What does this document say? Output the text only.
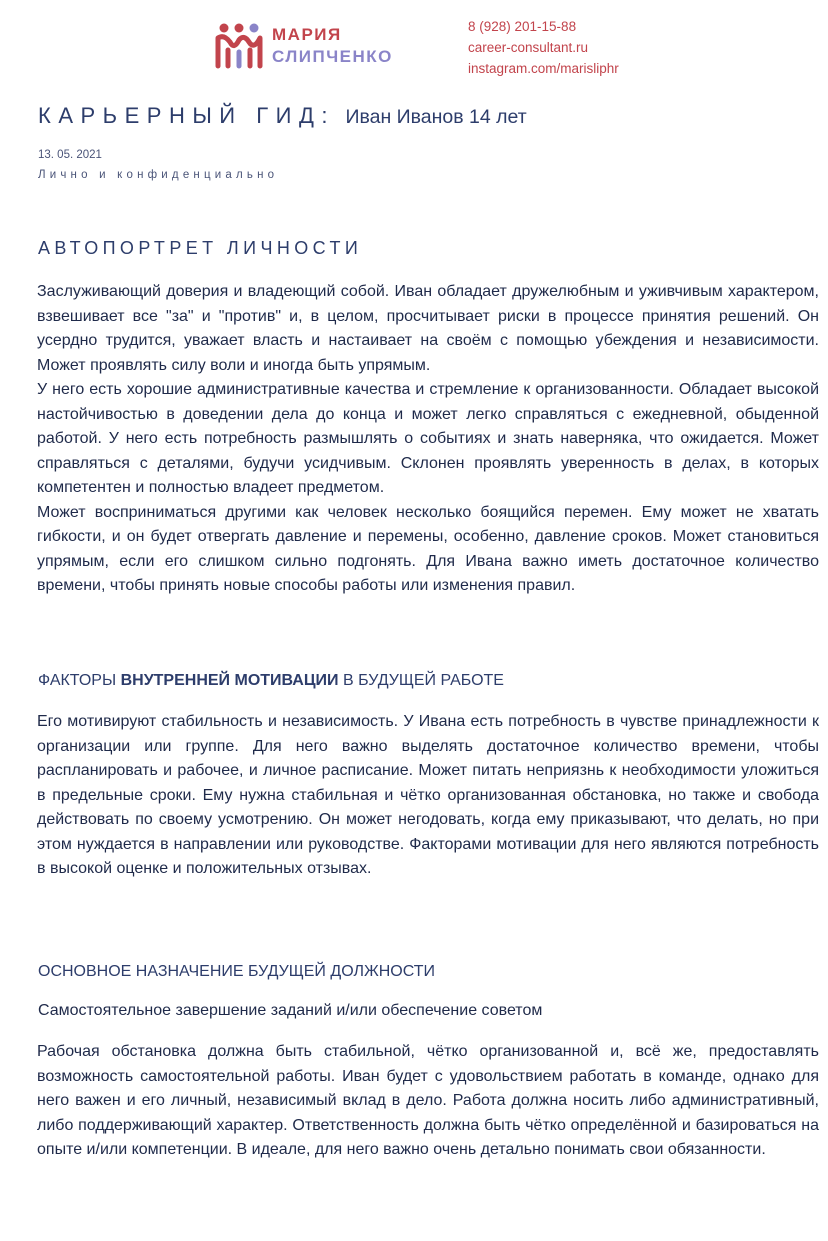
МАРИЯ
СЛИПЧЕНКО
8 (928) 201-15-88
career-consultant.ru
instagram.com/marisliphr
КАРЬЕРНЫЙ ГИД: Иван Иванов 14 лет
13. 05. 2021
Лично и конфиденциально
АВТОПОРТРЕТ ЛИЧНОСТИ

Заслуживающий доверия и владеющий собой. Иван обладает дружелюбным и уживчивым характером, взвешивает все "за" и "против" и, в целом, просчитывает риски в процессе принятия решений. Он усердно трудится, уважает власть и настаивает на своём с помощью убеждения и независимости. Может проявлять силу воли и иногда быть упрямым.

У него есть хорошие административные качества и стремление к организованности. Обладает высокой настойчивостью в доведении дела до конца и может легко справляться с ежедневной, обыденной работой. У него есть потребность размышлять о событиях и знать наверняка, что ожидается. Может справляться с деталями, будучи усидчивым. Склонен проявлять уверенность в делах, в которых компетентен и полностью владеет предметом.

Может восприниматься другими как человек несколько боящийся перемен. Ему может не хватать гибкости, и он будет отвергать давление и перемены, особенно, давление сроков. Может становиться упрямым, если его слишком сильно подгонять. Для Ивана важно иметь достаточное количество времени, чтобы принять новые способы работы или изменения правил.

ФАКТОРЫ ВНУТРЕННЕЙ МОТИВАЦИИ В БУДУЩЕЙ РАБОТЕ

Его мотивируют стабильность и независимость. У Ивана есть потребность в чувстве принадлежности к организации или группе. Для него важно выделять достаточное количество времени, чтобы распланировать и рабочее, и личное расписание. Может питать неприязнь к необходимости уложиться в предельные сроки. Ему нужна стабильная и чётко организованная обстановка, но также и свобода действовать по своему усмотрению. Он может негодовать, когда ему приказывают, что делать, но при этом нуждается в направлении или руководстве. Факторами мотивации для него являются потребность в высокой оценке и положительных отзывах.

ОСНОВНОЕ НАЗНАЧЕНИЕ БУДУЩЕЙ ДОЛЖНОСТИ
Самостоятельное завершение заданий и/или обеспечение советом

Рабочая обстановка должна быть стабильной, чётко организованной и, всё же, предоставлять возможность самостоятельной работы. Иван будет с удовольствием работать в команде, однако для него важен и его личный, независимый вклад в дело. Работа должна носить либо административный, либо поддерживающий характер. Ответственность должна быть чётко определённой и базироваться на опыте и/или компетенции. В идеале, для него важно очень детально понимать свои обязанности.
